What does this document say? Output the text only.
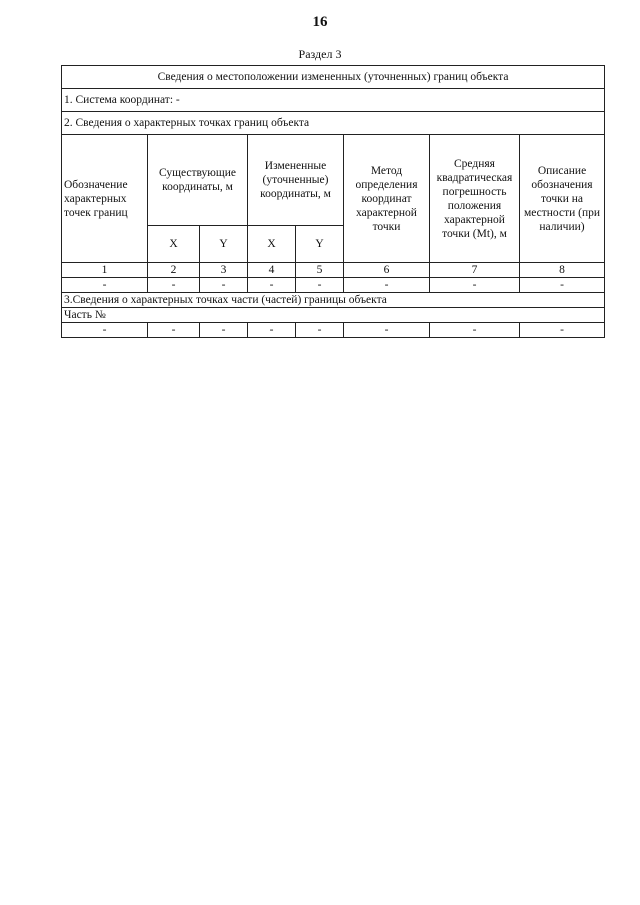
16
Раздел 3
Сведения о местоположении измененных (уточненных) границ объекта							
1. Система координат: -							
2. Сведения о характерных точках границ объекта							
Обозначение характерных точек границ	Существующие координаты, м		Измененные (уточненные) координаты, м		Метод определения координат характерной точки	Средняя квадратическая погрешность положения характерной точки (Mt), м	Описание обозначения точки на местности (при наличии)
	X	Y	X	Y			
1	2	3	4	5	6	7	8
-	-	-	-	-	-	-	-
3.Сведения о характерных точках части (частей) границы объекта							
Часть №							
-	-	-	-	-	-	-	-
